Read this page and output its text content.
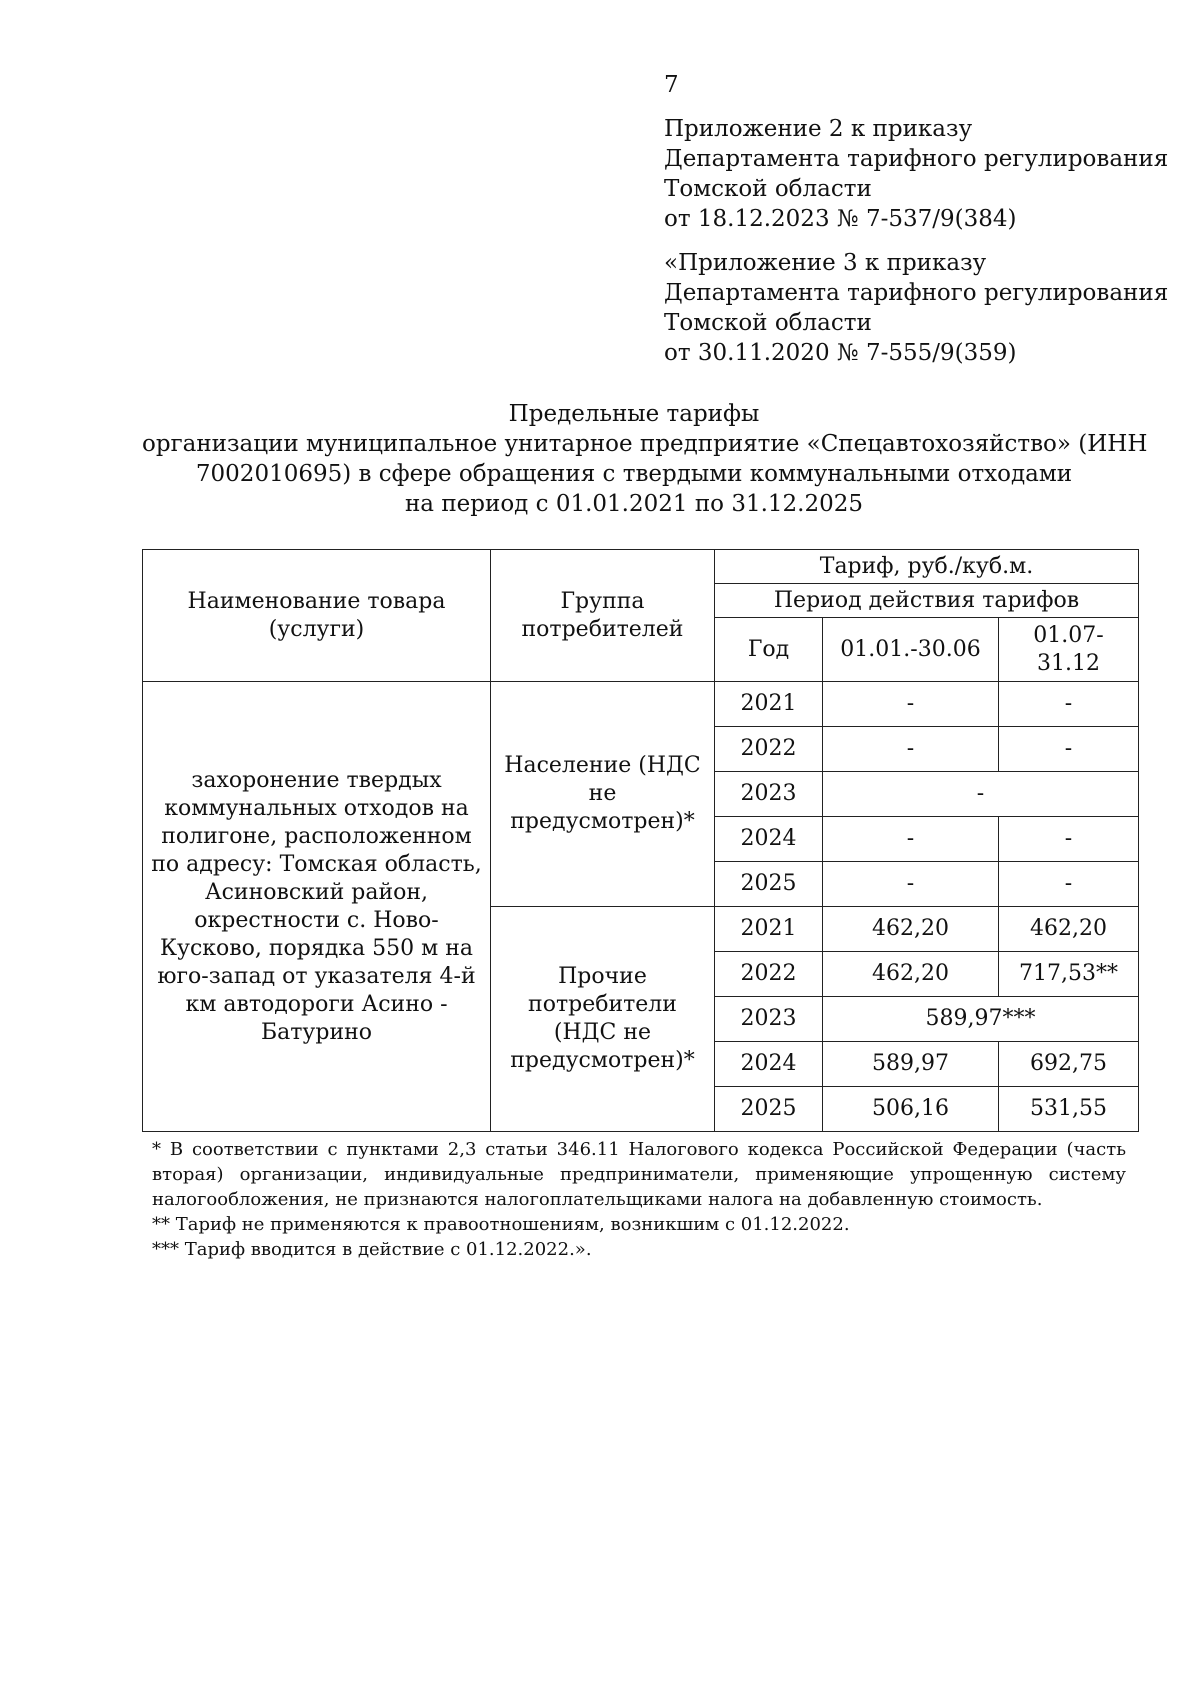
7
Приложение 2 к приказу
Департамента тарифного регулирования
Томской области
от 18.12.2023 № 7-537/9(384)
«Приложение 3 к приказу
Департамента тарифного регулирования
Томской области
от 30.11.2020 № 7-555/9(359)
Предельные тарифы
организации муниципальное унитарное предприятие «Спецавтохозяйство» (ИНН
7002010695) в сфере обращения с твердыми коммунальными отходами
на период с 01.01.2021 по 31.12.2025
Наименование товара (услуги)	Группа потребителей	Тариф, руб./куб.м.		
		Период действия тарифов		
		Год	01.01.-30.06	01.07-31.12
захоронение твердых коммунальных отходов на полигоне, расположенном по адресу: Томская область, Асиновский район, окрестности с. Ново-Кусково, порядка 550 м на юго-запад от указателя 4-й км автодороги Асино - Батурино	Население (НДС не предусмотрен)*	2021	-	-
		2022	-	-
		2023	-	
		2024	-	-
		2025	-	-
	Прочие потребители (НДС не предусмотрен)*	2021	462,20	462,20
		2022	462,20	717,53**
		2023	589,97***	
		2024	589,97	692,75
		2025	506,16	531,55
* В соответствии с пунктами 2,3 статьи 346.11 Налогового кодекса Российской Федерации (часть вторая) организации, индивидуальные предприниматели, применяющие упрощенную систему налогообложения, не признаются налогоплательщиками налога на добавленную стоимость.
** Тариф не применяются к правоотношениям, возникшим с 01.12.2022.
*** Тариф вводится в действие с 01.12.2022.».
